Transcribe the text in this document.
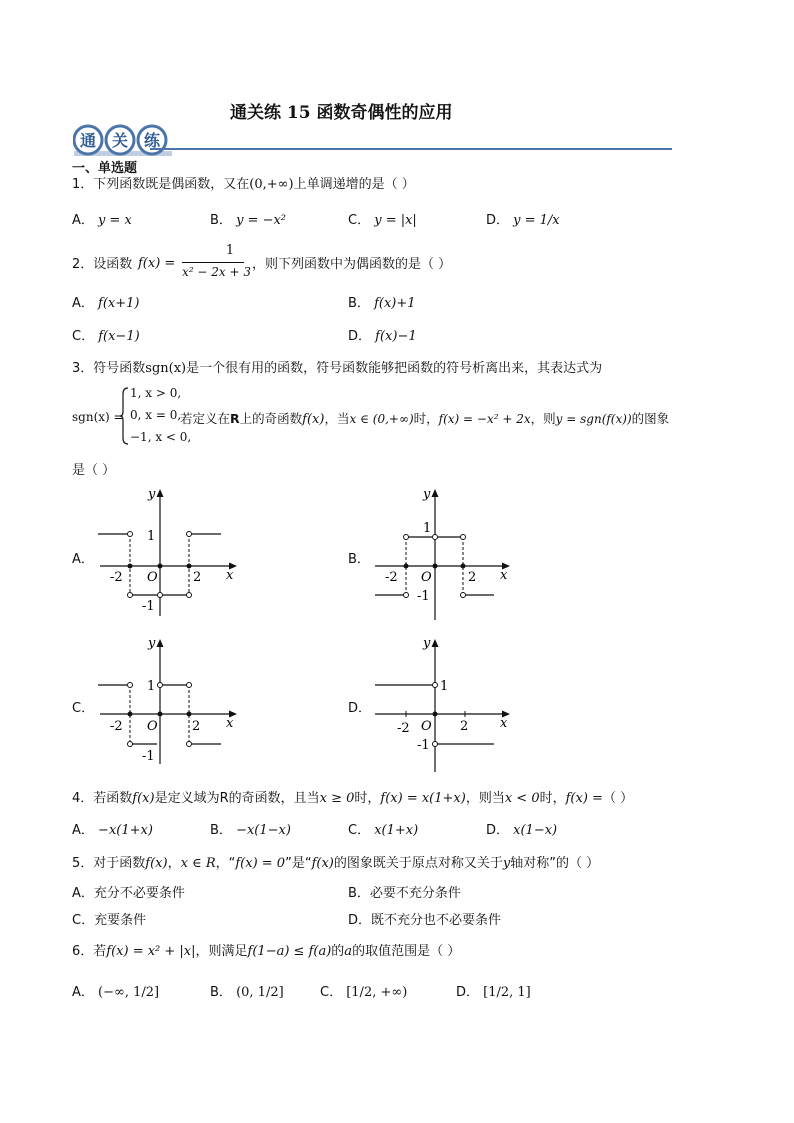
通 关 练
通关练 15 函数奇偶性的应用
一、单选题
1．下列函数既是偶函数，又在(0,+∞)上单调递增的是（ ）
A． y = x	B． y = −x²	C． y = |x|	D． y = 1/x
2．设函数 f(x) =
1
x² − 2x + 3 ，则下列函数中为偶函数的是（ ）
A． f(x+1)	B． f(x)+1
C． f(x−1)	D． f(x)−1
3．符号函数sgn(x)是一个很有用的函数，符号函数能够把函数的符号析离出来，其表达式为
sgn(x) =
1, x > 0,
0, x = 0,
−1, x < 0,
若定义在R上的奇函数f(x)，当x ∈ (0,+∞)时，f(x) = −x² + 2x，则y = sgn(f(x))的图象
是（ ）
A．	B．
C．	D．
y
x
O
1
-1
-2	2
y
x
O
1
-1
-2	2
y
x
O
1
-1
-2	2
y
x
O
1
-1
-2	2
4．若函数f(x)是定义域为R的奇函数，且当x ≥ 0时，f(x) = x(1+x)，则当x < 0时，f(x) =（ ）
A． −x(1+x)	B． −x(1−x)	C． x(1+x)	D． x(1−x)
5．对于函数f(x)，x ∈ R，“f(x) = 0”是“f(x)的图象既关于原点对称又关于y轴对称”的（ ）
A．充分不必要条件	B．必要不充分条件
C．充要条件	D．既不充分也不必要条件
6．若f(x) = x² + |x|，则满足f(1−a) ≤ f(a)的a的取值范围是（ ）
A． (−∞, 1/2]	B． (0, 1/2]	C． [1/2, +∞)	D． [1/2, 1]
